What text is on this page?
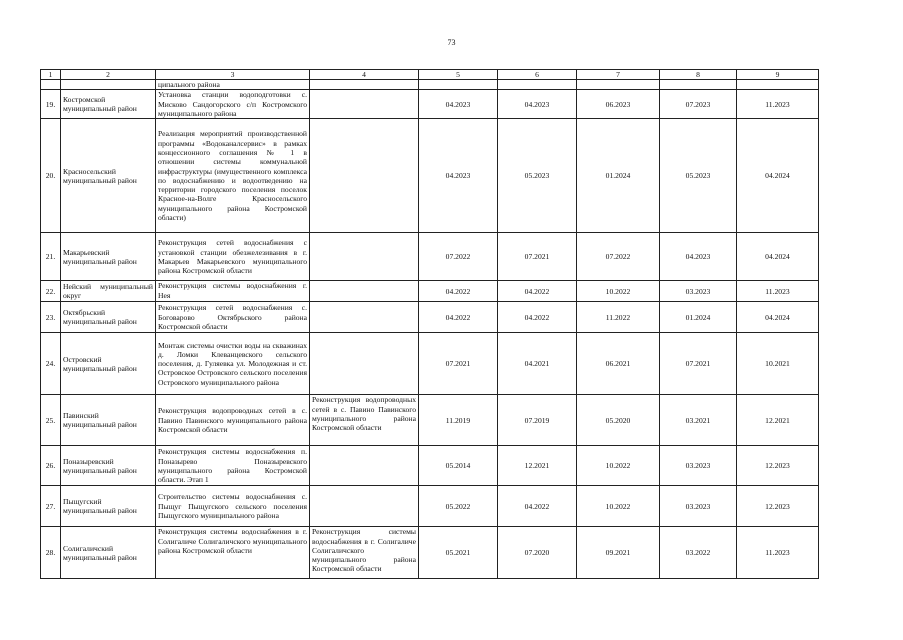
73
1	2	3	4	5	6	7	8	9
		ципального района						
19.	Костромской муниципальный район	Установка станции водоподготовки с. Мисково Сандогорского с/п Костромского муниципального района		04.2023	04.2023	06.2023	07.2023	11.2023
20.	Красносельский муниципальный район	Реализация мероприятий производственной программы «Водоканалсервис» в рамках концессионного соглашения № 1 в отношении системы коммунальной инфраструктуры (имущественного комплекса по водоснабжению и водоотведению на территории городского поселения поселок Красное-на-Волге Красносельского муниципального района Костромской области)		04.2023	05.2023	01.2024	05.2023	04.2024
21.	Макарьевский муниципальный район	Реконструкция сетей водоснабжения с установкой станции обезжелезивания в г. Макарьев Макарьевского муниципального района Костромской области		07.2022	07.2021	07.2022	04.2023	04.2024
22.	Нейский муниципальный округ	Реконструкция системы водоснабжения г. Нея		04.2022	04.2022	10.2022	03.2023	11.2023
23.	Октябрьский муниципальный район	Реконструкция сетей водоснабжения с. Боговарово Октябрьского района Костромской области		04.2022	04.2022	11.2022	01.2024	04.2024
24.	Островский муниципальный район	Монтаж системы очистки воды на скважинах д. Ломки Клеванцевского сельского поселения, д. Гуляевка ул. Молодежная и ст. Островское Островского сельского поселения Островского муниципального района		07.2021	04.2021	06.2021	07.2021	10.2021
25.	Павинский муниципальный район	Реконструкция водопроводных сетей в с. Павино Павинского муниципального района Костромской области	Реконструкция водопроводных сетей в с. Павино Павинского муниципального района Костромской области	11.2019	07.2019	05.2020	03.2021	12.2021
26.	Поназыревский муниципальный район	Реконструкция системы водоснабжения п. Поназырево Поназыревского муниципального района Костромской области. Этап 1		05.2014	12.2021	10.2022	03.2023	12.2023
27.	Пыщугский муниципальный район	Строительство системы водоснабжения с. Пыщуг Пыщугского сельского поселения Пыщугского муниципального района		05.2022	04.2022	10.2022	03.2023	12.2023
28.	Солигаличский муниципальный район	Реконструкция системы водоснабжения в г. Солигаличе Солигаличского муниципального района Костромской области	Реконструкция системы водоснабжения в г. Солигаличе Солигаличского муниципального района Костромской области	05.2021	07.2020	09.2021	03.2022	11.2023
